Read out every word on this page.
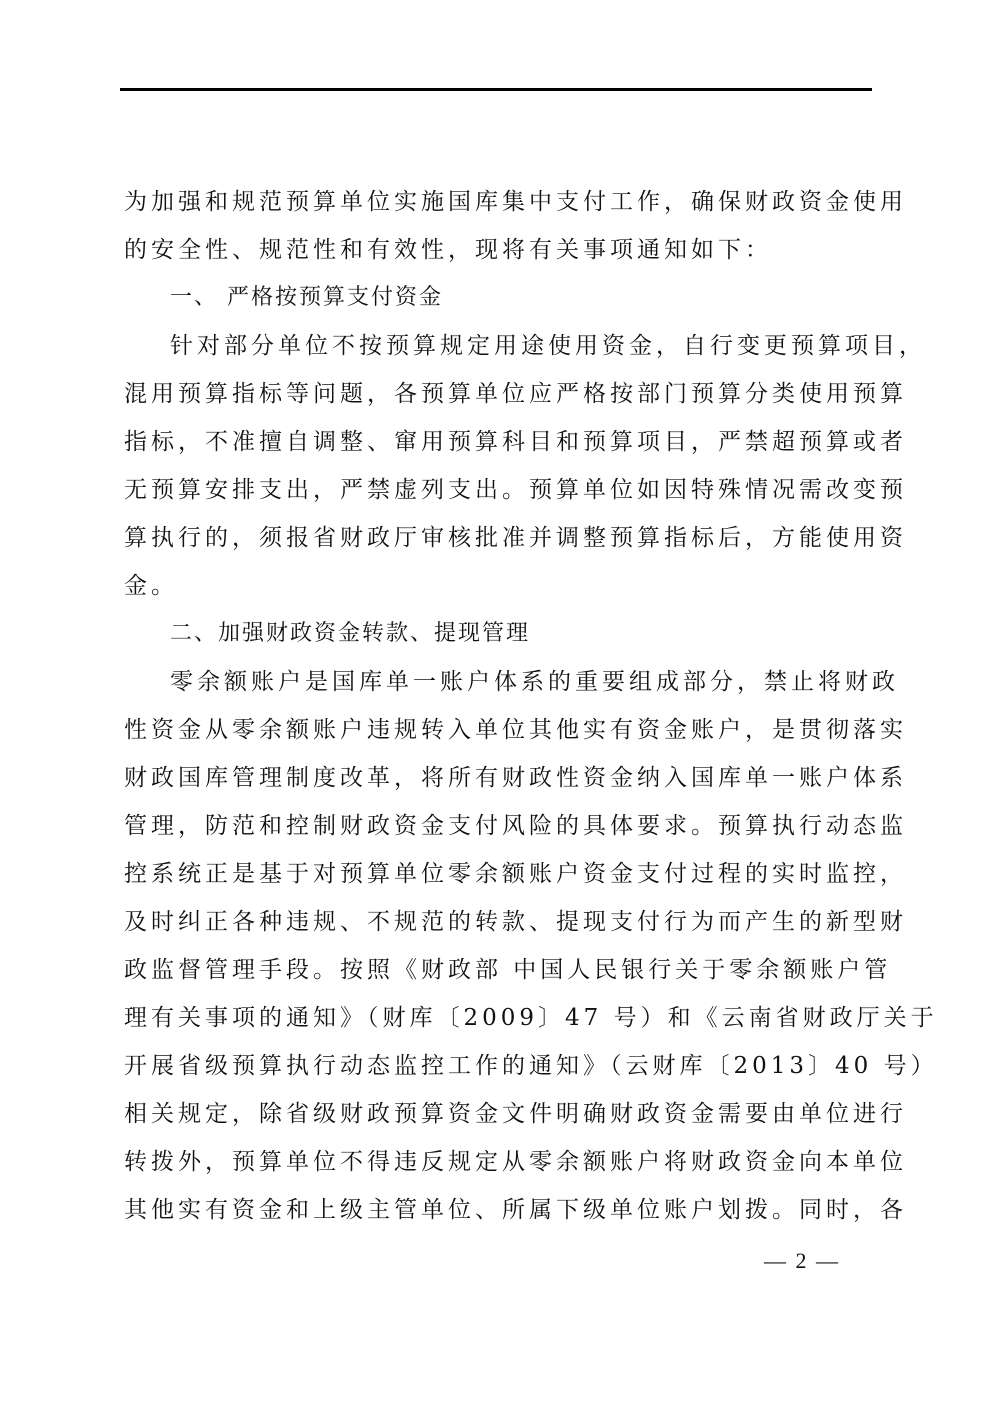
为加强和规范预算单位实施国库集中支付工作，确保财政资金使用
的安全性、规范性和有效性，现将有关事项通知如下：
一、 严格按预算支付资金
针对部分单位不按预算规定用途使用资金，自行变更预算项目，
混用预算指标等问题，各预算单位应严格按部门预算分类使用预算
指标，不准擅自调整、窜用预算科目和预算项目，严禁超预算或者
无预算安排支出，严禁虚列支出。预算单位如因特殊情况需改变预
算执行的，须报省财政厅审核批准并调整预算指标后，方能使用资
金。
二、加强财政资金转款、提现管理
零余额账户是国库单一账户体系的重要组成部分，禁止将财政
性资金从零余额账户违规转入单位其他实有资金账户，是贯彻落实
财政国库管理制度改革，将所有财政性资金纳入国库单一账户体系
管理，防范和控制财政资金支付风险的具体要求。预算执行动态监
控系统正是基于对预算单位零余额账户资金支付过程的实时监控，
及时纠正各种违规、不规范的转款、提现支付行为而产生的新型财
政监督管理手段。按照《财政部 中国人民银行关于零余额账户管
理有关事项的通知》（财库〔2009〕47 号）和《云南省财政厅关于
开展省级预算执行动态监控工作的通知》（云财库〔2013〕40 号）
相关规定，除省级财政预算资金文件明确财政资金需要由单位进行
转拨外，预算单位不得违反规定从零余额账户将财政资金向本单位
其他实有资金和上级主管单位、所属下级单位账户划拨。同时，各
— 2 —
